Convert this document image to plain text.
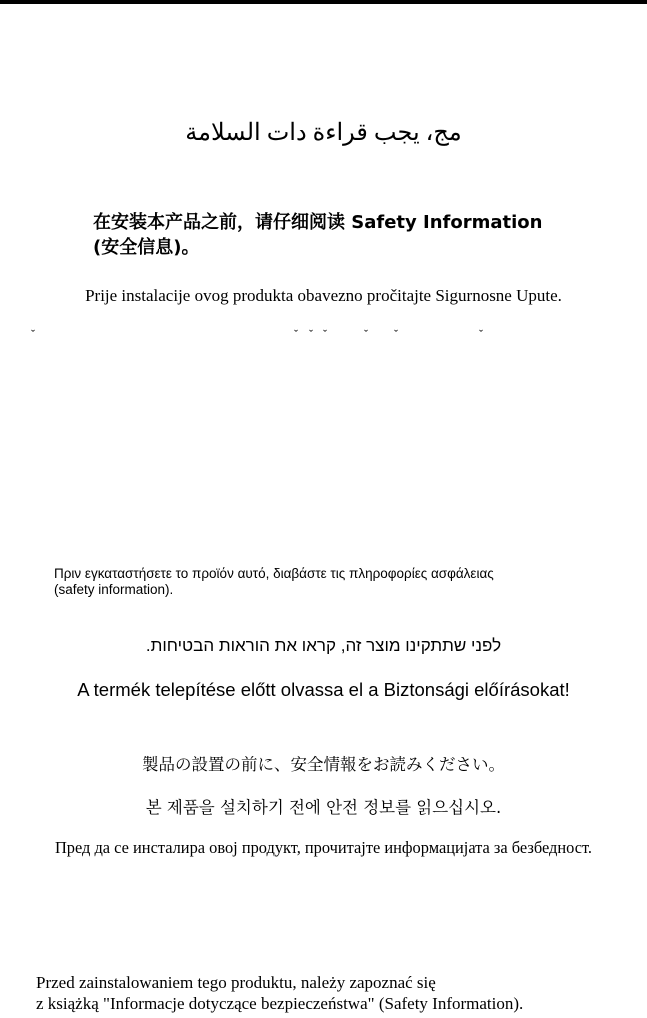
مج، يجب قراءة دات السلامة

在安装本产品之前，请仔细阅读 Safety Information

(安全信息)。

Prije instalacije ovog produkta obavezno pročitajte Sigurnosne Upute.

ˇ	ˇ ˇ ˇ	ˇ ˇ	ˇ

Πριν εγκαταστήσετε το προϊόν αυτό, διαβάστε τις πληροφορίες ασφάλειας

(safety information).

לפני שתתקינו מוצר זה, קראו את הוראות הבטיחות.

A termék telepítése előtt olvassa el a Biztonsági előírásokat!

製品の設置の前に、安全情報をお読みください。

본 제품을 설치하기 전에 안전 정보를 읽으십시오.

Пред да се инсталира овој продукт, прочитајте информацијата за безбедност.

Przed zainstalowaniem tego produktu, należy zapoznać się

z książką "Informacje dotyczące bezpieczeństwa" (Safety Information).
